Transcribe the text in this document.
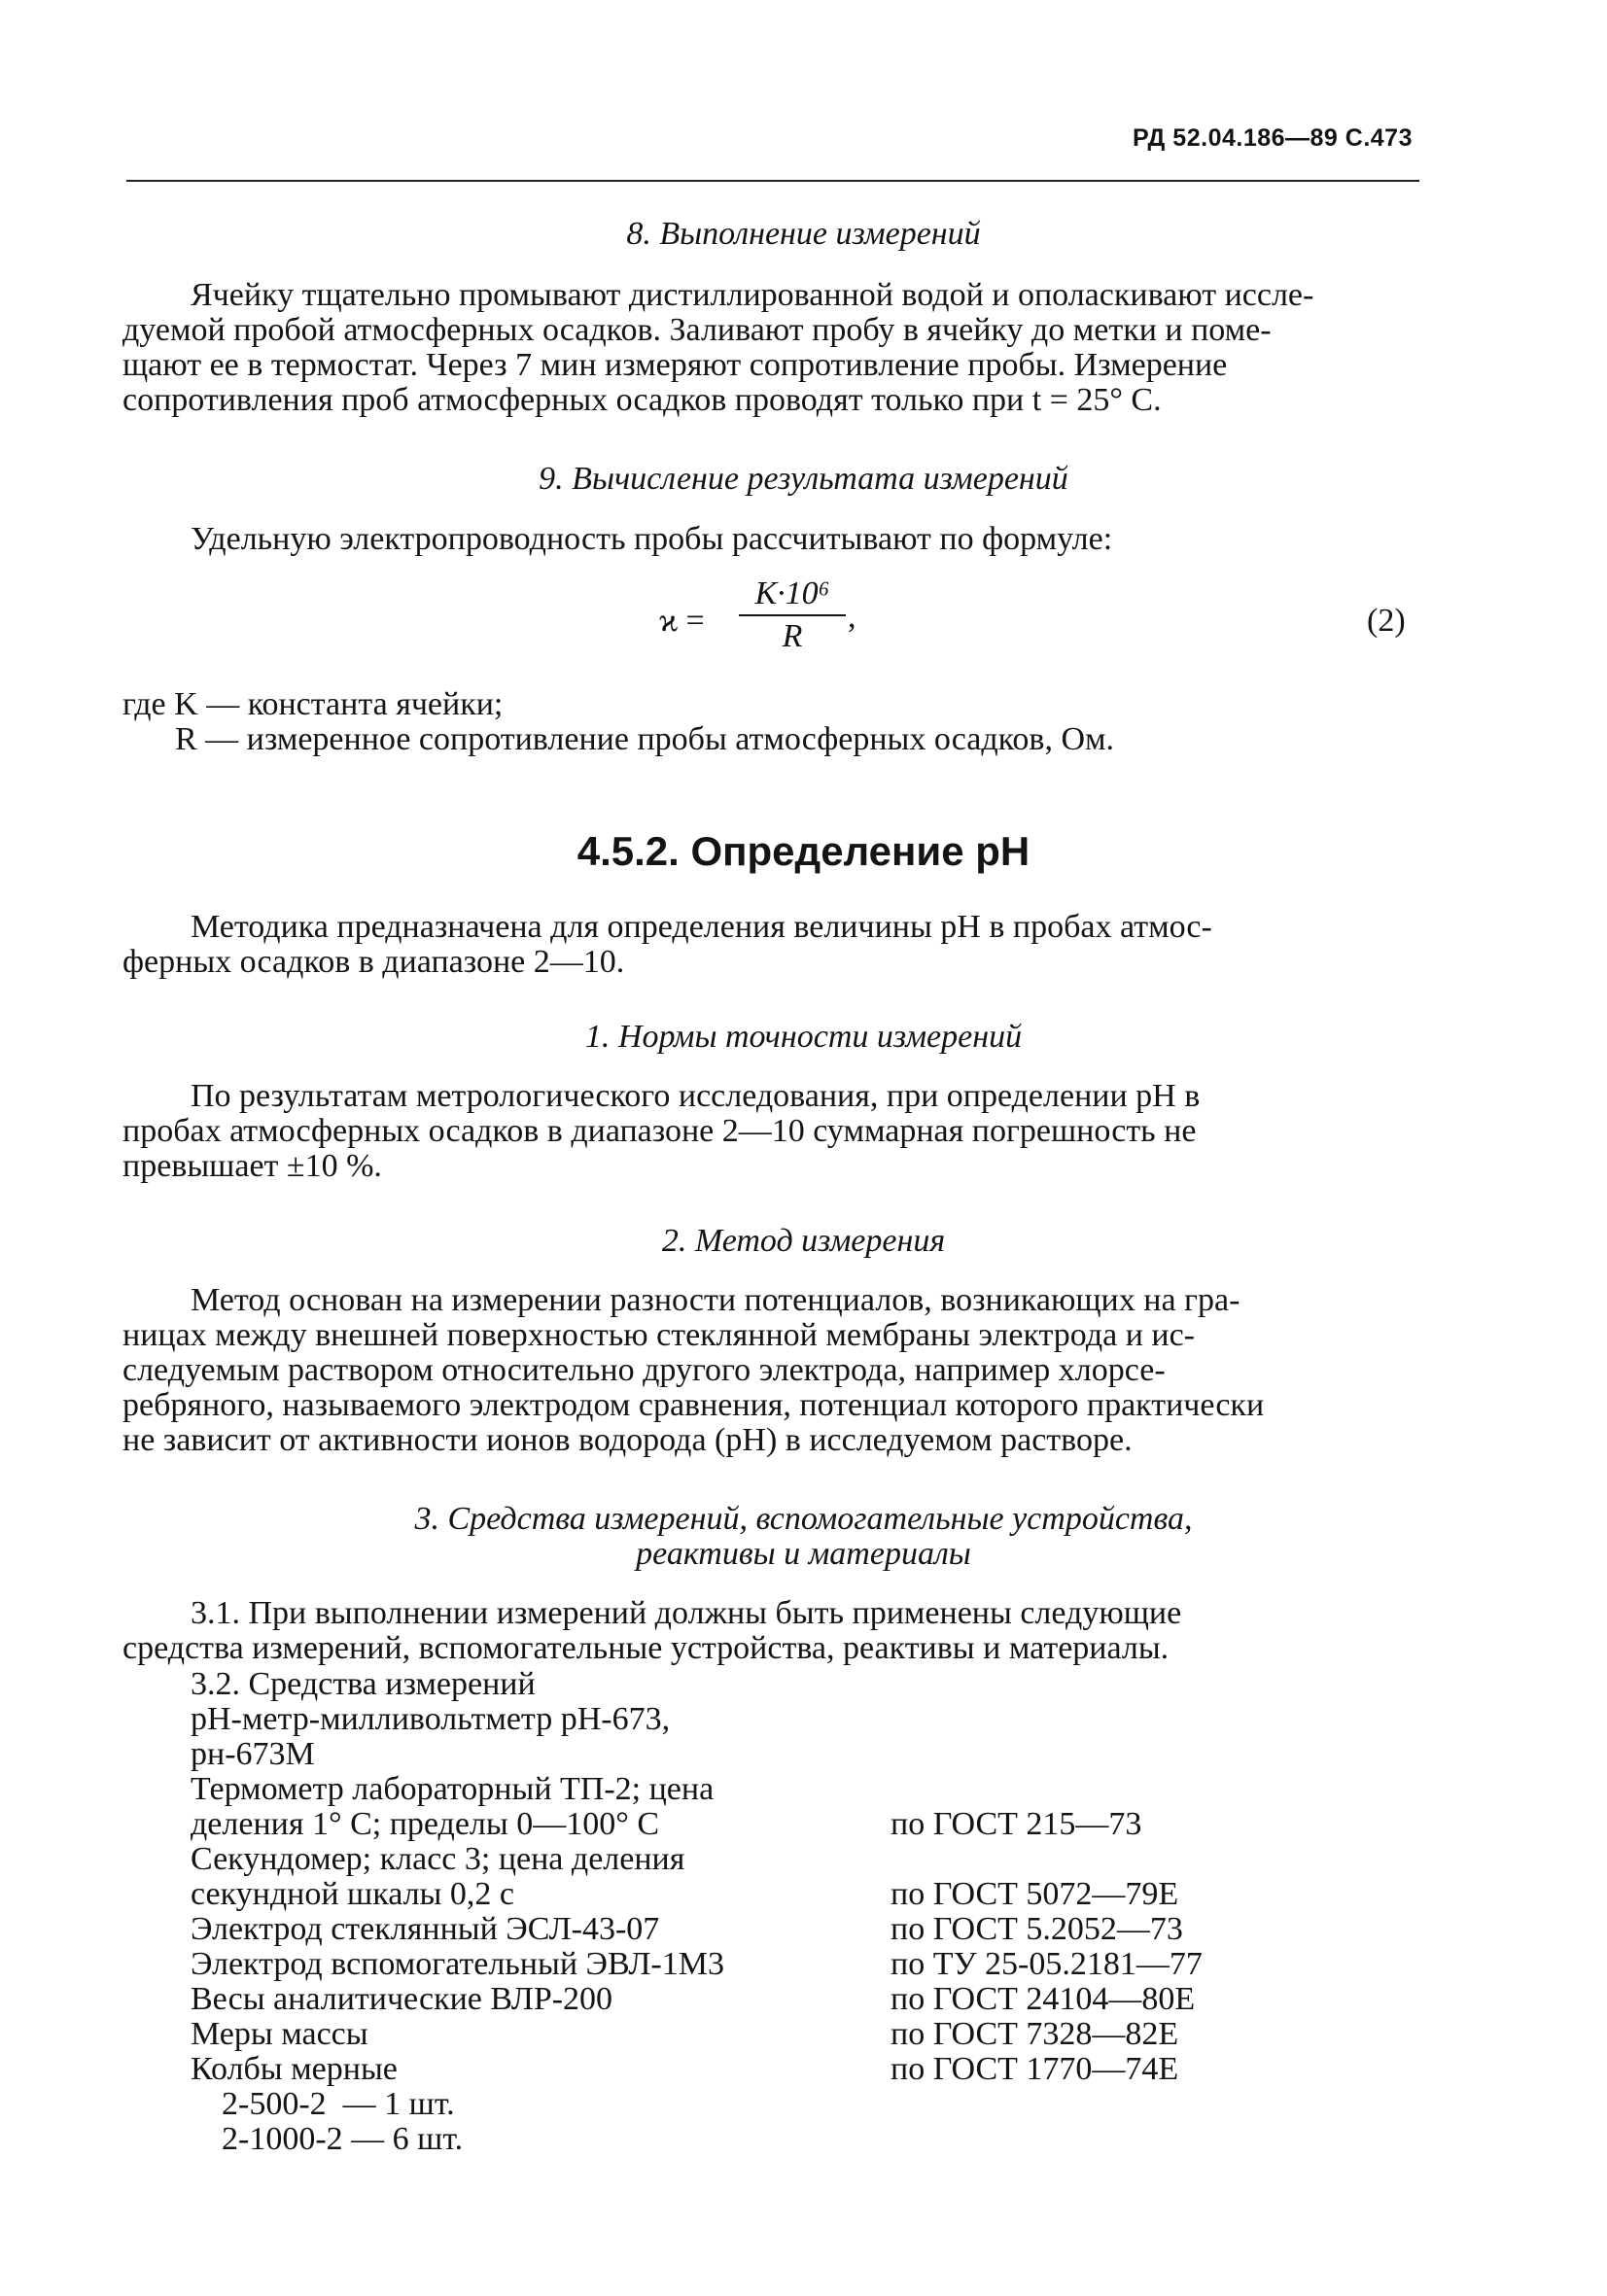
РД 52.04.186—89 С.473
8. Выполнение измерений
Ячейку тщательно промывают дистиллированной водой и ополаскивают иссле-
дуемой пробой атмосферных осадков. Заливают пробу в ячейку до метки и поме-
щают ее в термостат. Через 7 мин измеряют сопротивление пробы. Измерение
сопротивления проб атмосферных осадков проводят только при t = 25° С.
9. Вычисление результата измерений
Удельную электропроводность пробы рассчитывают по формуле:
$ϰ = \frac{\text{K·10⁶}}{R}$ ,	(2)
где K — константа ячейки;
R — измеренное сопротивление пробы атмосферных осадков, Ом.
4.5.2. Определение рН
Методика предназначена для определения величины рН в пробах атмос-
ферных осадков в диапазоне 2—10.
1. Нормы точности измерений
По результатам метрологического исследования, при определении рН в
пробах атмосферных осадков в диапазоне 2—10 суммарная погрешность не
превышает ±10 %.
2. Метод измерения
Метод основан на измерении разности потенциалов, возникающих на гра-
ницах между внешней поверхностью стеклянной мембраны электрода и ис-
следуемым раствором относительно другого электрода, например хлорсе-
ребряного, называемого электродом сравнения, потенциал которого практически
не зависит от активности ионов водорода (рН) в исследуемом растворе.
3. Средства измерений, вспомогательные устройства,
реактивы и материалы
3.1. При выполнении измерений должны быть применены следующие
средства измерений, вспомогательные устройства, реактивы и материалы.
3.2. Средства измерений
рН-метр-милливольтметр рН-673,
рн-673М
Термометр лабораторный ТП-2; цена
деления 1° С; пределы 0—100° С
Секундомер; класс 3; цена деления
секундной шкалы 0,2 с
Электрод стеклянный ЭСЛ-43-07
Электрод вспомогательный ЭВЛ-1М3
Весы аналитические ВЛР-200
Меры массы
Колбы мерные
2-500-2  — 1 шт.
2-1000-2 — 6 шт.
по ГОСТ 215—73
по ГОСТ 5072—79Е
по ГОСТ 5.2052—73
по ТУ 25-05.2181—77
по ГОСТ 24104—80Е
по ГОСТ 7328—82Е
по ГОСТ 1770—74Е
